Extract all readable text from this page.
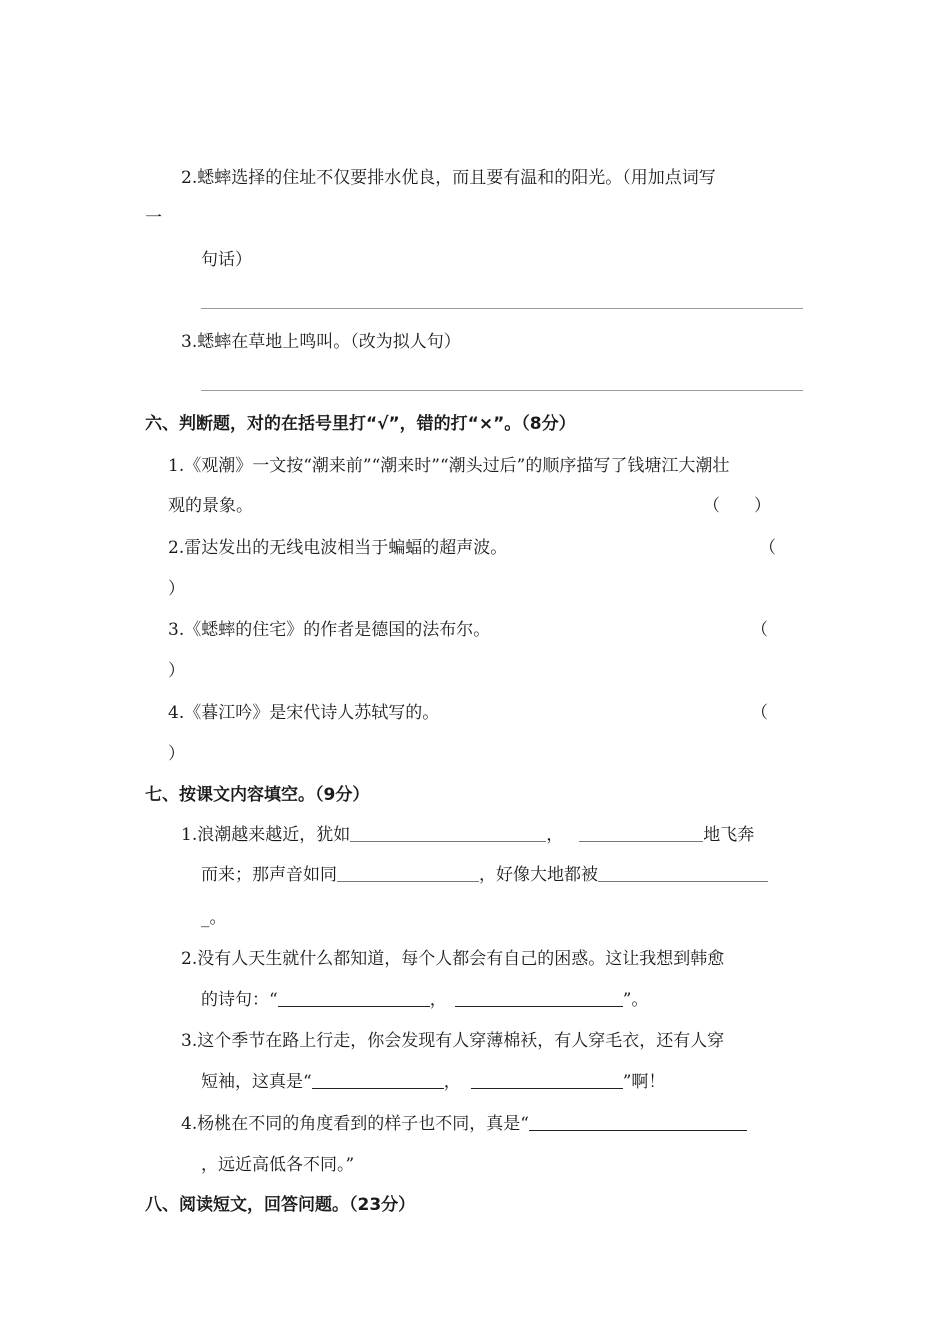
2.蟋蟀选择的住址不仅要排水优良，而且要有温和的阳光。（用加点词写
一
句话）
3.蟋蟀在草地上鸣叫。（改为拟人句）
六、判断题，对的在括号里打“√”，错的打“×”。（8分）
1.《观潮》一文按“潮来前”“潮来时”“潮头过后”的顺序描写了钱塘江大潮壮
观的景象。	（　　）
2.雷达发出的无线电波相当于蝙蝠的超声波。	（
）
3.《蟋蟀的住宅》的作者是德国的法布尔。	（
）
4.《暮江吟》是宋代诗人苏轼写的。	（
）
七、按课文内容填空。（9分）
1.浪潮越来越近，犹如	，	地飞奔
而来；那声音如同	，好像大地都被
_。
2.没有人天生就什么都知道，每个人都会有自己的困惑。这让我想到韩愈
的诗句：“	，	”。
3.这个季节在路上行走，你会发现有人穿薄棉袄，有人穿毛衣，还有人穿
短袖，这真是“	，	”啊！
4.杨桃在不同的角度看到的样子也不同，真是“
，远近高低各不同。”
八、阅读短文，回答问题。（23分）
